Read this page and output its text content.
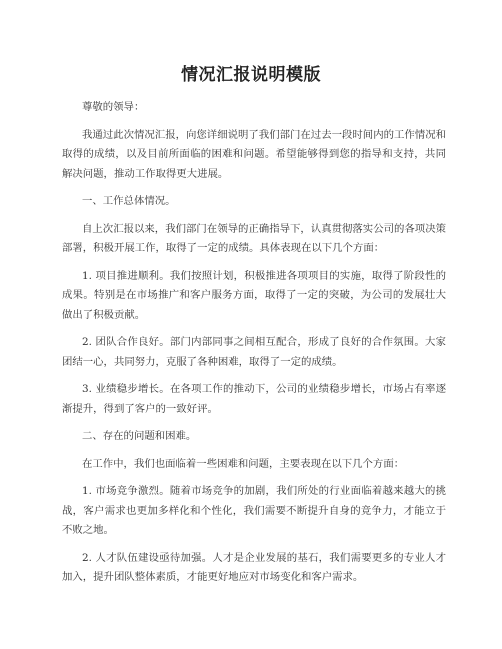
情况汇报说明模版

尊敬的领导：

我通过此次情况汇报，向您详细说明了我们部门在过去一段时间内的工作情况和取得的成绩，以及目前所面临的困难和问题。希望能够得到您的指导和支持，共同解决问题，推动工作取得更大进展。

一、工作总体情况。

自上次汇报以来，我们部门在领导的正确指导下，认真贯彻落实公司的各项决策部署，积极开展工作，取得了一定的成绩。具体表现在以下几个方面：

1. 项目推进顺利。我们按照计划，积极推进各项项目的实施，取得了阶段性的成果。特别是在市场推广和客户服务方面，取得了一定的突破，为公司的发展壮大做出了积极贡献。

2. 团队合作良好。部门内部同事之间相互配合，形成了良好的合作氛围。大家团结一心，共同努力，克服了各种困难，取得了一定的成绩。

3. 业绩稳步增长。在各项工作的推动下，公司的业绩稳步增长，市场占有率逐渐提升，得到了客户的一致好评。

二、存在的问题和困难。

在工作中，我们也面临着一些困难和问题，主要表现在以下几个方面：

1. 市场竞争激烈。随着市场竞争的加剧，我们所处的行业面临着越来越大的挑战，客户需求也更加多样化和个性化，我们需要不断提升自身的竞争力，才能立于不败之地。

2. 人才队伍建设亟待加强。人才是企业发展的基石，我们需要更多的专业人才加入，提升团队整体素质，才能更好地应对市场变化和客户需求。
